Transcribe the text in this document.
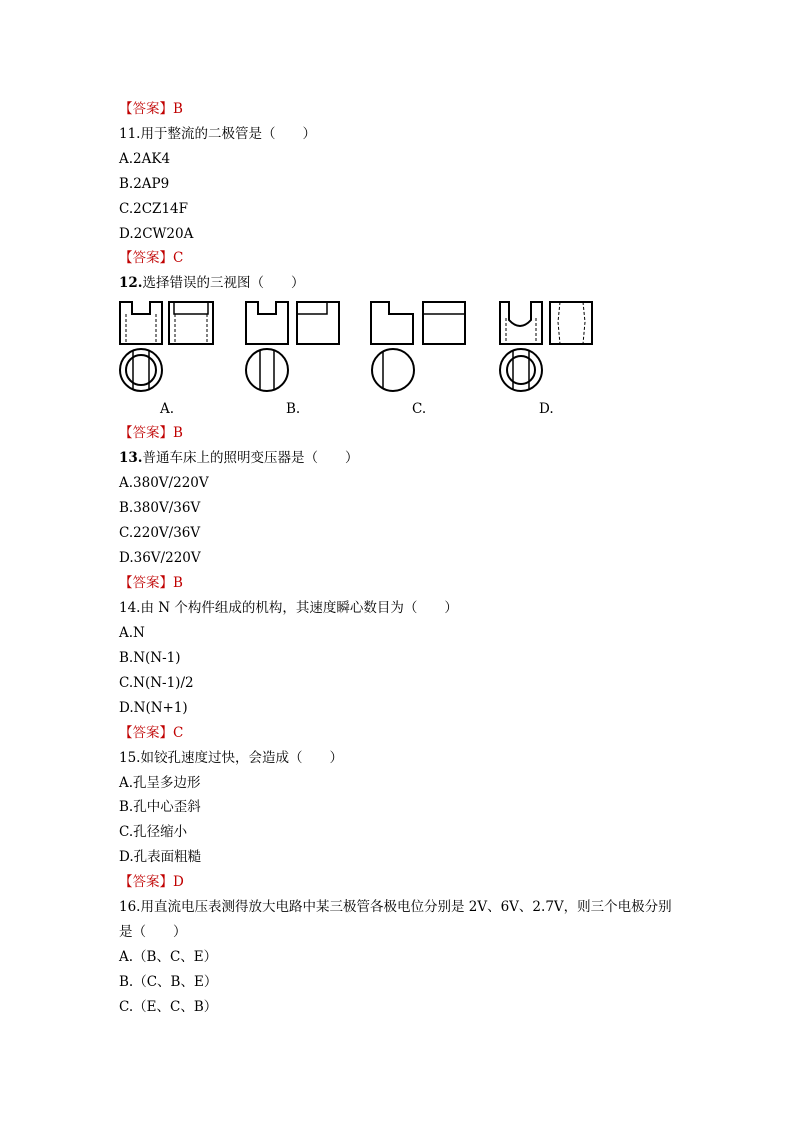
【答案】B
11.用于整流的二极管是（　　）
A.2AK4
B.2AP9
C.2CZ14F
D.2CW20A
【答案】C
12.选择错误的三视图（　　）
A.	B.	C.	D.
【答案】B
13.普通车床上的照明变压器是（　　）
A.380V/220V
B.380V/36V
C.220V/36V
D.36V/220V
【答案】B
14.由 N 个构件组成的机构，其速度瞬心数目为（　　）
A.N
B.N(N-1)
C.N(N-1)/2
D.N(N+1)
【答案】C
15.如铰孔速度过快，会造成（　　）
A.孔呈多边形
B.孔中心歪斜
C.孔径缩小
D.孔表面粗糙
【答案】D
16.用直流电压表测得放大电路中某三极管各极电位分别是 2V、6V、2.7V，则三个电极分别
是（　　）
A.（B、C、E）
B.（C、B、E）
C.（E、C、B）
